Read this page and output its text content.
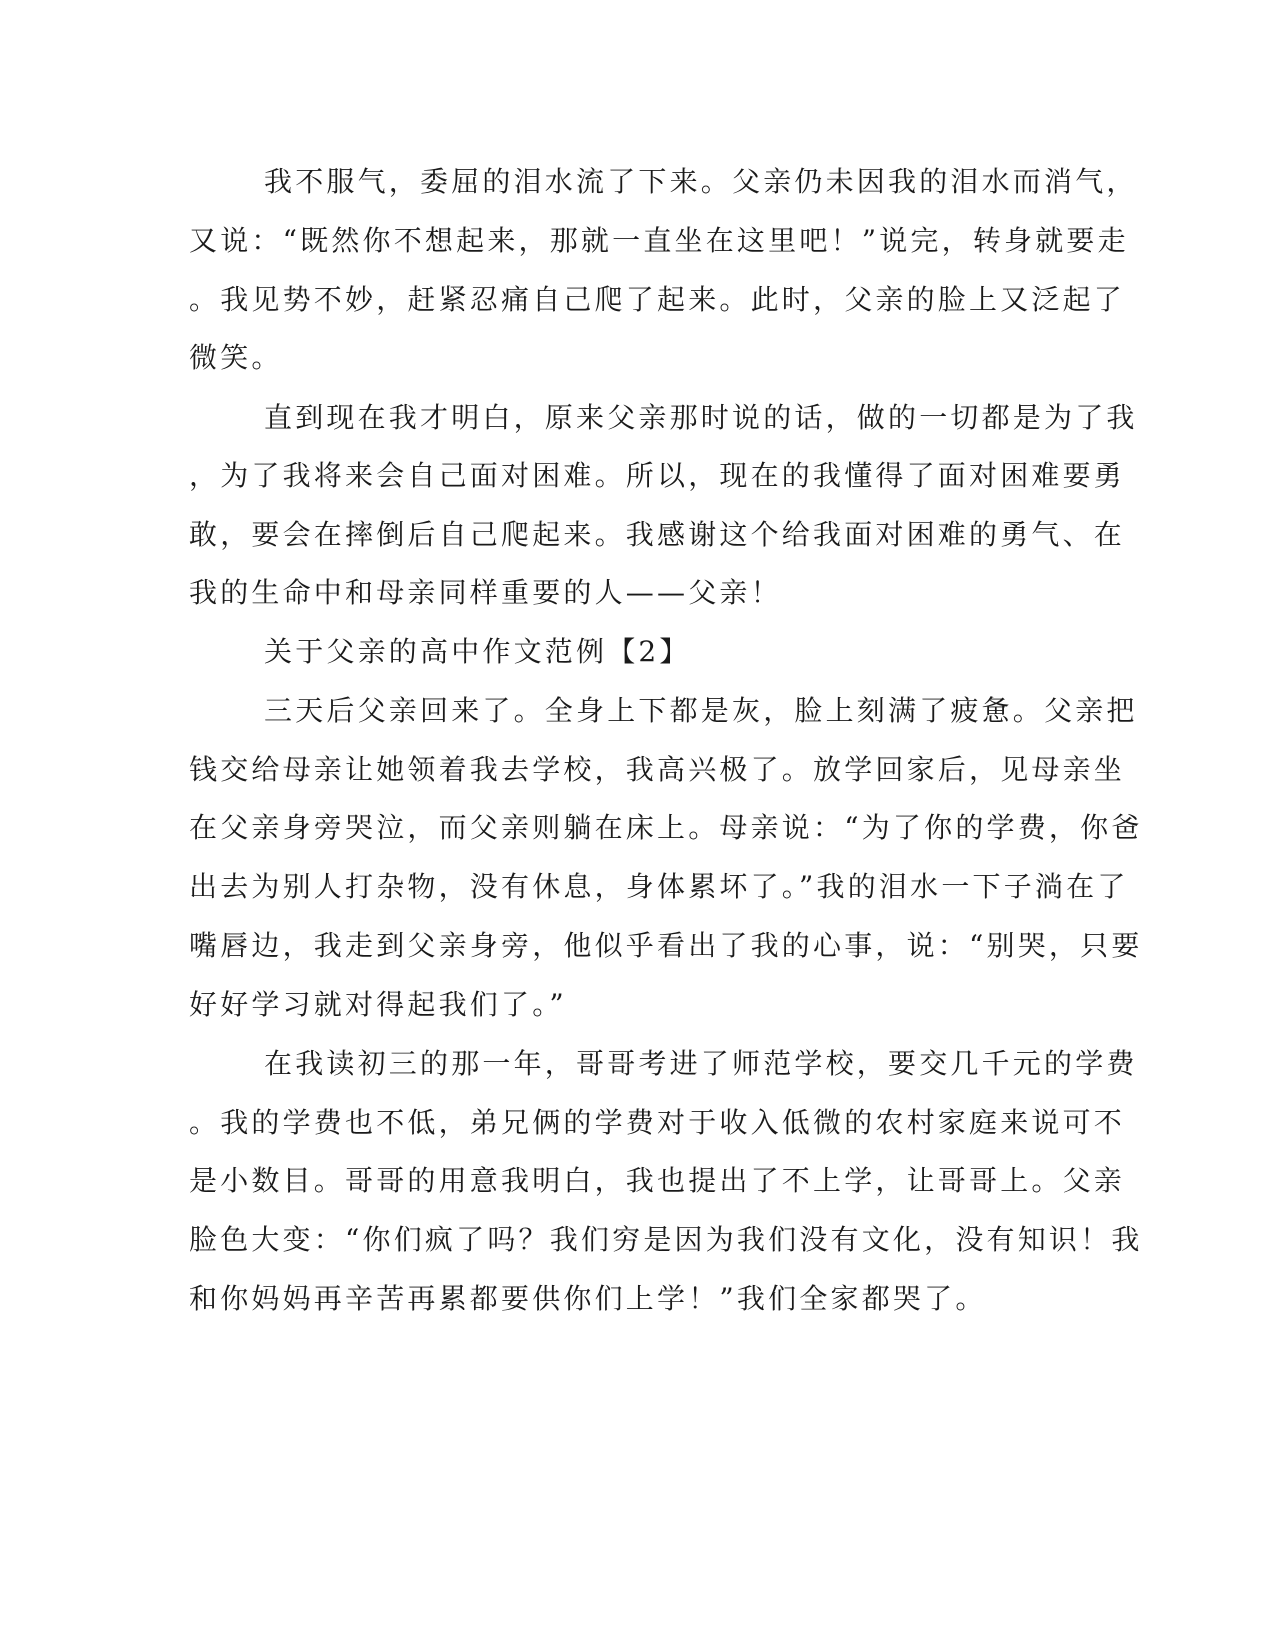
我不服气，委屈的泪水流了下来。父亲仍未因我的泪水而消气，

又说：“既然你不想起来，那就一直坐在这里吧！”说完，转身就要走

。我见势不妙，赶紧忍痛自己爬了起来。此时，父亲的脸上又泛起了

微笑。

直到现在我才明白，原来父亲那时说的话，做的一切都是为了我

，为了我将来会自己面对困难。所以，现在的我懂得了面对困难要勇

敢，要会在摔倒后自己爬起来。我感谢这个给我面对困难的勇气、在

我的生命中和母亲同样重要的人——父亲！

关于父亲的高中作文范例【2】

三天后父亲回来了。全身上下都是灰，脸上刻满了疲惫。父亲把

钱交给母亲让她领着我去学校，我高兴极了。放学回家后，见母亲坐

在父亲身旁哭泣，而父亲则躺在床上。母亲说：“为了你的学费，你爸

出去为别人打杂物，没有休息，身体累坏了。”我的泪水一下子淌在了

嘴唇边，我走到父亲身旁，他似乎看出了我的心事，说：“别哭，只要

好好学习就对得起我们了。”

在我读初三的那一年，哥哥考进了师范学校，要交几千元的学费

。我的学费也不低，弟兄俩的学费对于收入低微的农村家庭来说可不

是小数目。哥哥的用意我明白，我也提出了不上学，让哥哥上。父亲

脸色大变：“你们疯了吗？我们穷是因为我们没有文化，没有知识！我

和你妈妈再辛苦再累都要供你们上学！”我们全家都哭了。
